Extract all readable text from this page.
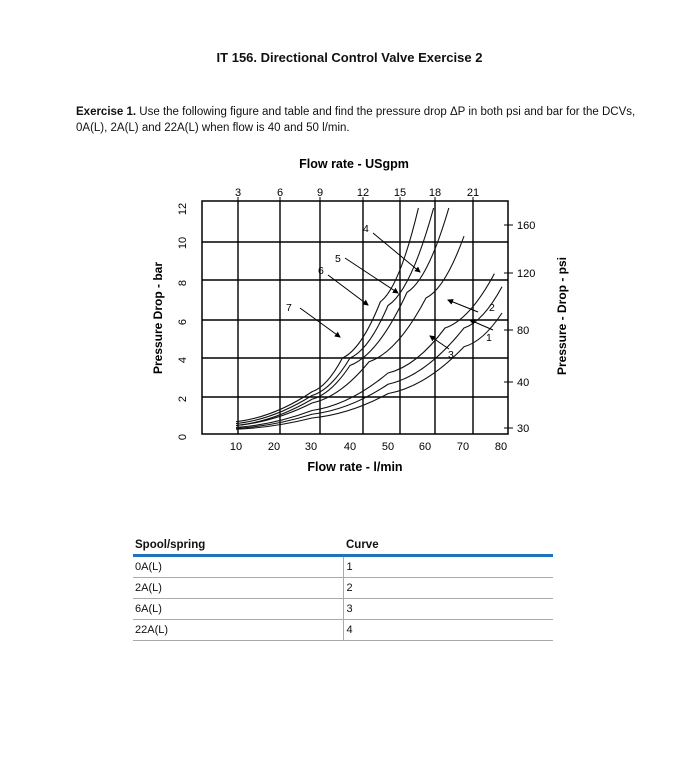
IT 156. Directional Control Valve Exercise 2
Exercise 1. Use the following figure and table and find the pressure drop ΔP in both psi and bar for the DCVs, 0A(L), 2A(L) and 22A(L) when flow is 40 and 50 l/min.
Flow rate - USgpm
3	6	9	12 15 18 21
10 20 30 40 50 60 70 80
0
2
4
6
8
10
12
30
40
80
120
160
Flow rate - l/min
Pressure Drop - bar	Pressure - Drop - psi
7
6
5
4
2
1
3
Spool/spring	Curve
0A(L)	1
2A(L)	2
6A(L)	3
22A(L)	4
